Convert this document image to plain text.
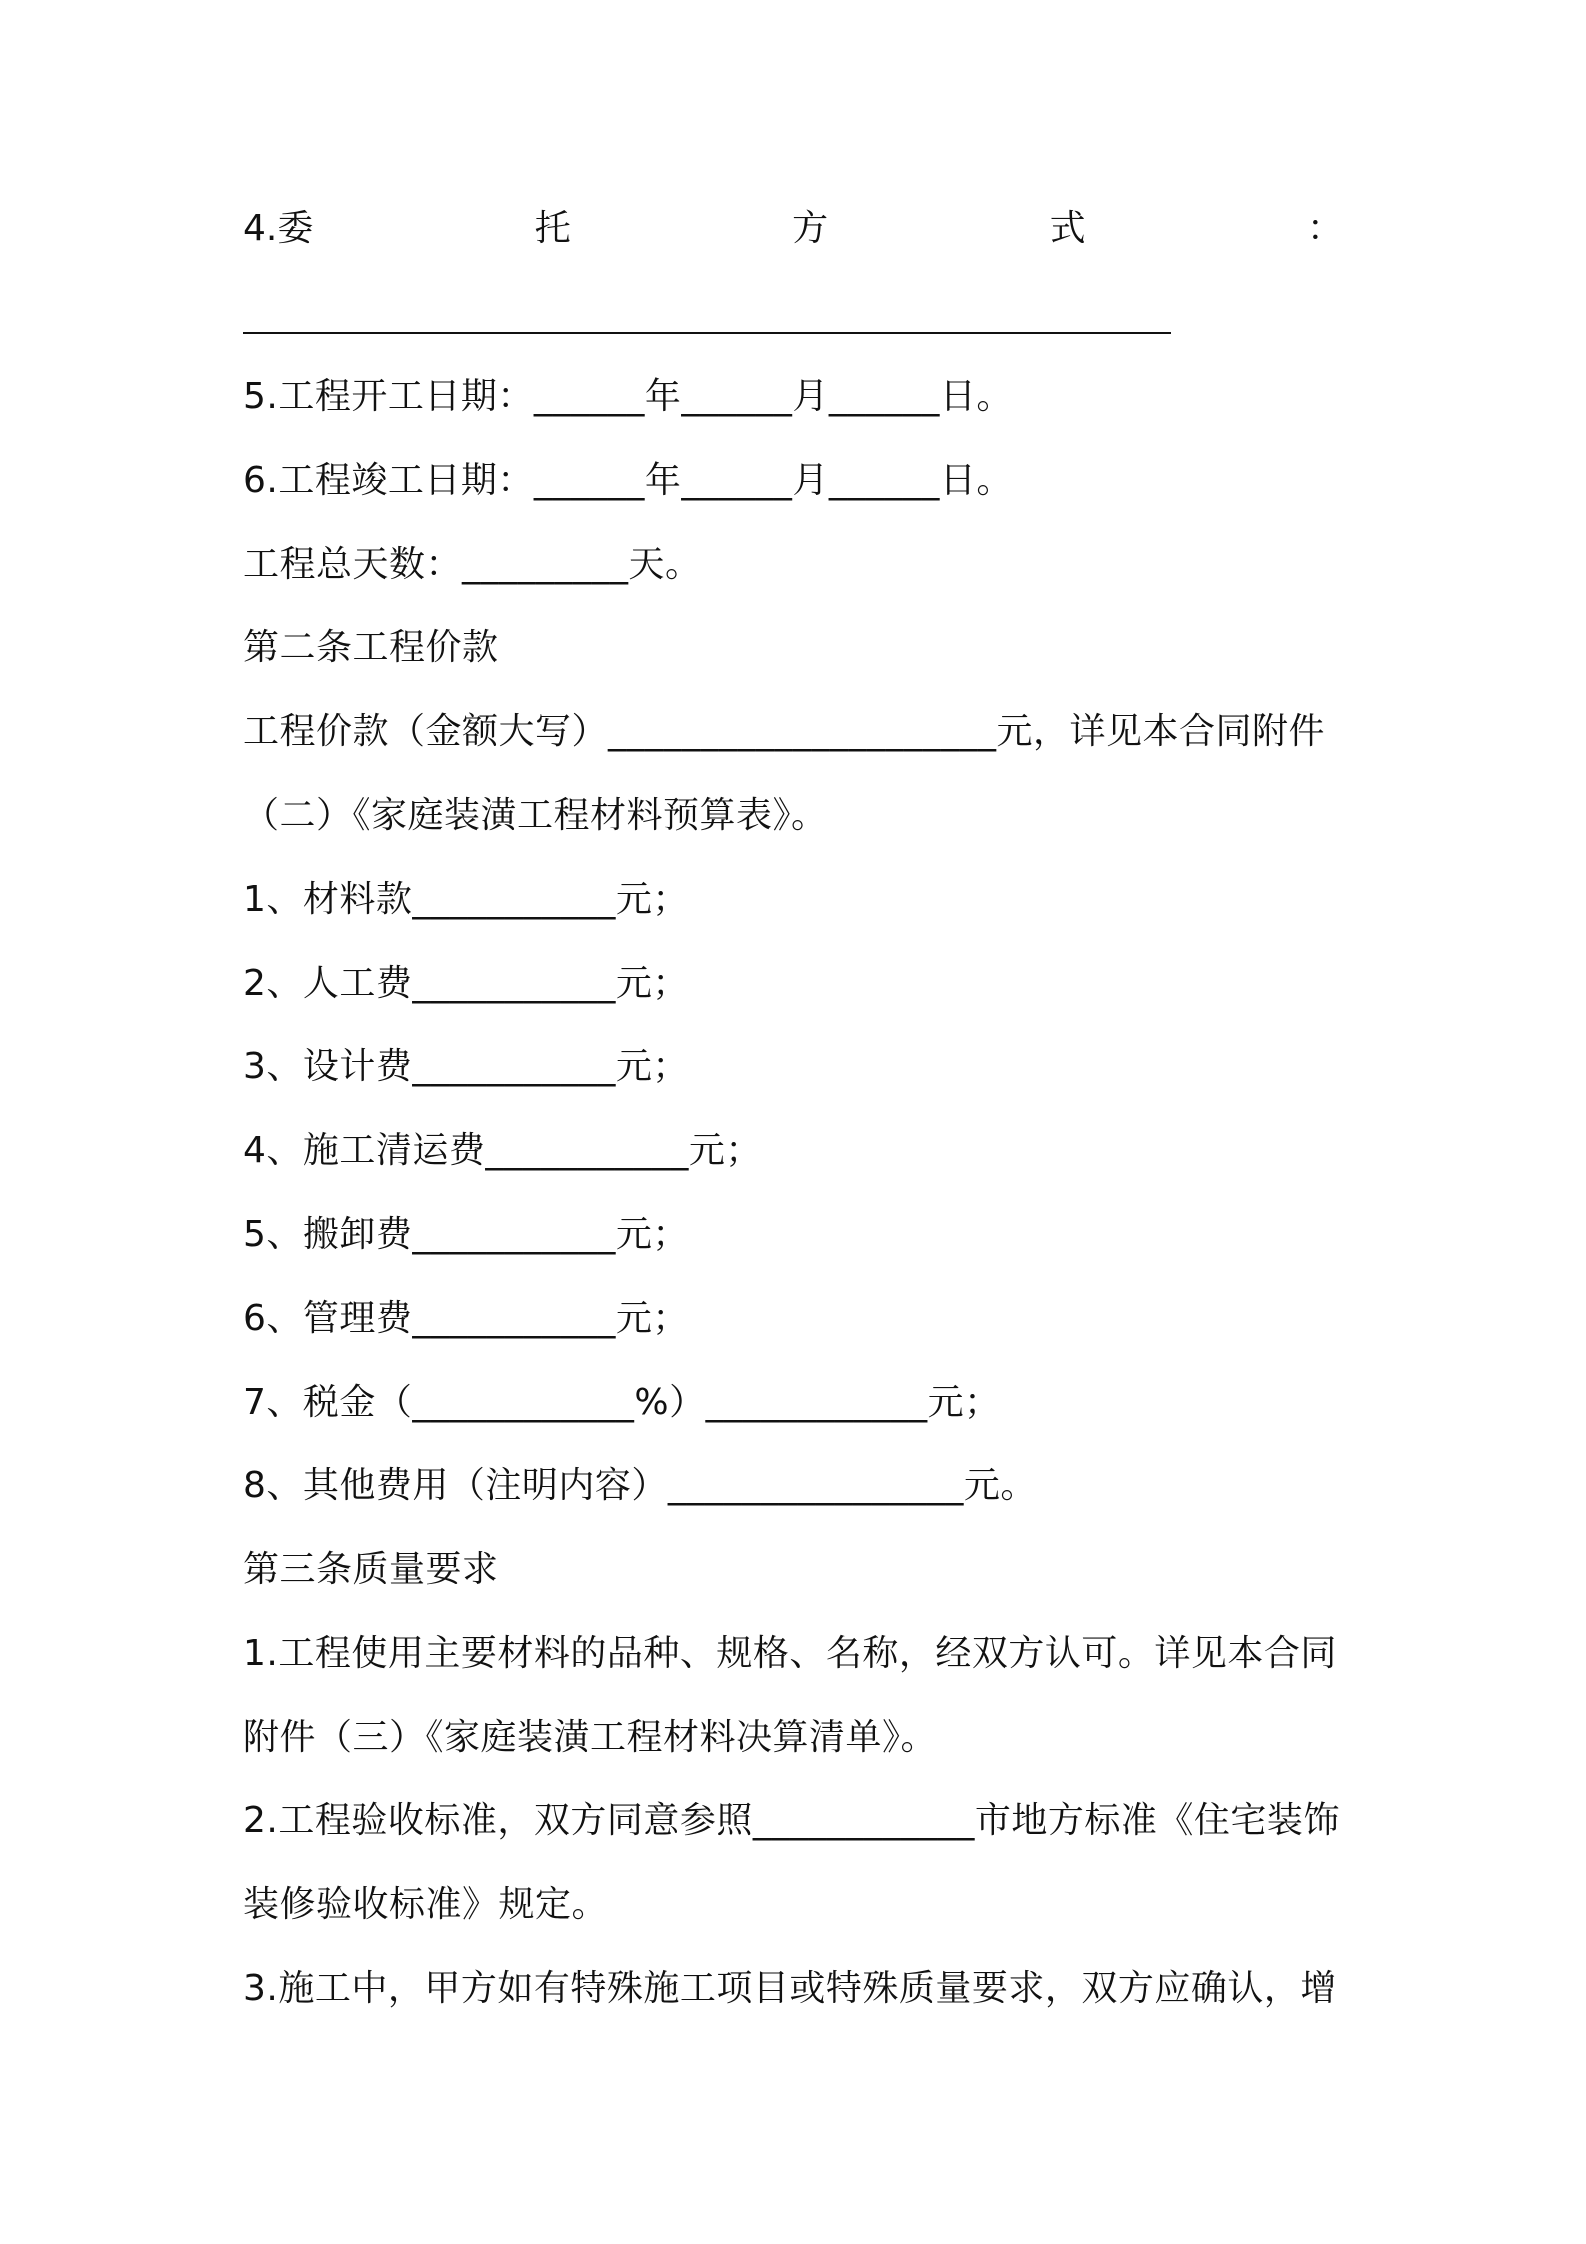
4.委	托	方	式	：
5.工程开工日期：______年______月______日。
6.工程竣工日期：______年______月______日。
工程总天数：_________天。
第二条工程价款
工程价款（金额大写）_____________________元，详见本合同附件
（二）《家庭装潢工程材料预算表》。
1、材料款___________元；
2、人工费___________元；
3、设计费___________元；
4、施工清运费___________元；
5、搬卸费___________元；
6、管理费___________元；
7、税金（____________%）____________元；
8、其他费用（注明内容）________________元。
第三条质量要求
1.工程使用主要材料的品种、规格、名称，经双方认可。详见本合同
附件（三）《家庭装潢工程材料决算清单》。
2.工程验收标准，双方同意参照____________市地方标准《住宅装饰
装修验收标准》规定。
3.施工中，甲方如有特殊施工项目或特殊质量要求，双方应确认，增
